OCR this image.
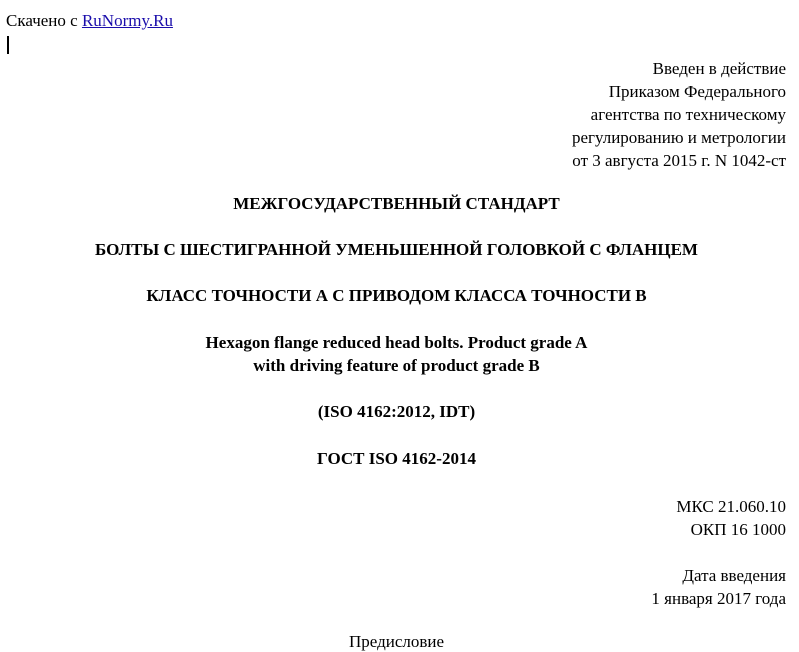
Скачено с RuNormy.Ru
Введен в действие
Приказом Федерального
агентства по техническому
регулированию и метрологии
от 3 августа 2015 г. N 1042-ст
МЕЖГОСУДАРСТВЕННЫЙ СТАНДАРТ
БОЛТЫ С ШЕСТИГРАННОЙ УМЕНЬШЕННОЙ ГОЛОВКОЙ С ФЛАНЦЕМ
КЛАСС ТОЧНОСТИ А С ПРИВОДОМ КЛАССА ТОЧНОСТИ В
Hexagon flange reduced head bolts. Product grade A
with driving feature of product grade B
(ISO 4162:2012, IDT)
ГОСТ ISO 4162-2014
МКС 21.060.10
ОКП 16 1000
Дата введения
1 января 2017 года
Предисловие
